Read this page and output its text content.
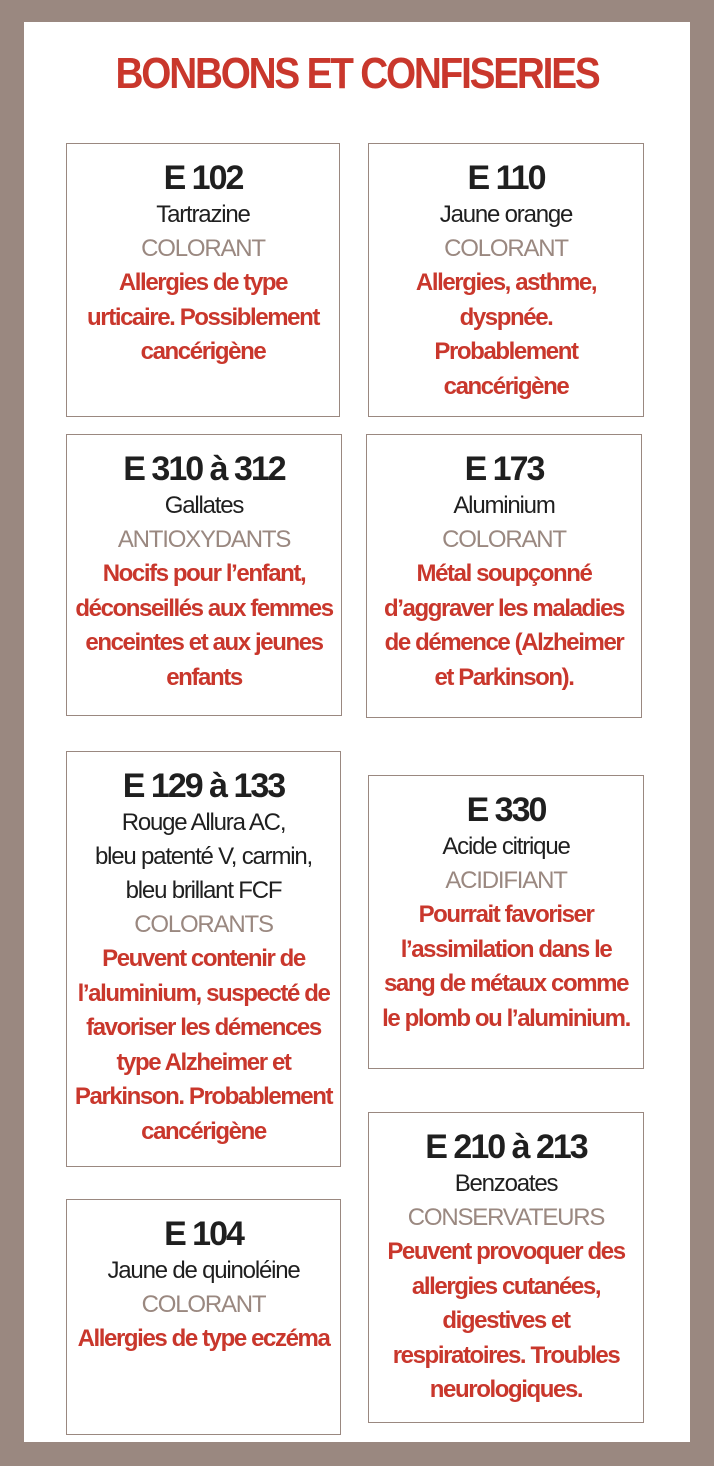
BONBONS ET CONFISERIES
E 102
Tartrazine
COLORANT
Allergies de type
urticaire. Possiblement
cancérigène
E 110
Jaune orange
COLORANT
Allergies, asthme,
dyspnée.
Probablement
cancérigène
E 310 à 312
Gallates
ANTIOXYDANTS
Nocifs pour l’enfant,
déconseillés aux femmes
enceintes et aux jeunes
enfants
E 173
Aluminium
COLORANT
Métal soupçonné
d’aggraver les maladies
de démence (Alzheimer
et Parkinson).
E 129 à 133
Rouge Allura AC,
bleu patenté V, carmin,
bleu brillant FCF
COLORANTS
Peuvent contenir de
l’aluminium, suspecté de
favoriser les démences
type Alzheimer et
Parkinson. Probablement
cancérigène
E 330
Acide citrique
ACIDIFIANT
Pourrait favoriser
l’assimilation dans le
sang de métaux comme
le plomb ou l’aluminium.
E 104
Jaune de quinoléine
COLORANT
Allergies de type eczéma
E 210 à 213
Benzoates
CONSERVATEURS
Peuvent provoquer des
allergies cutanées,
digestives et
respiratoires. Troubles
neurologiques.
